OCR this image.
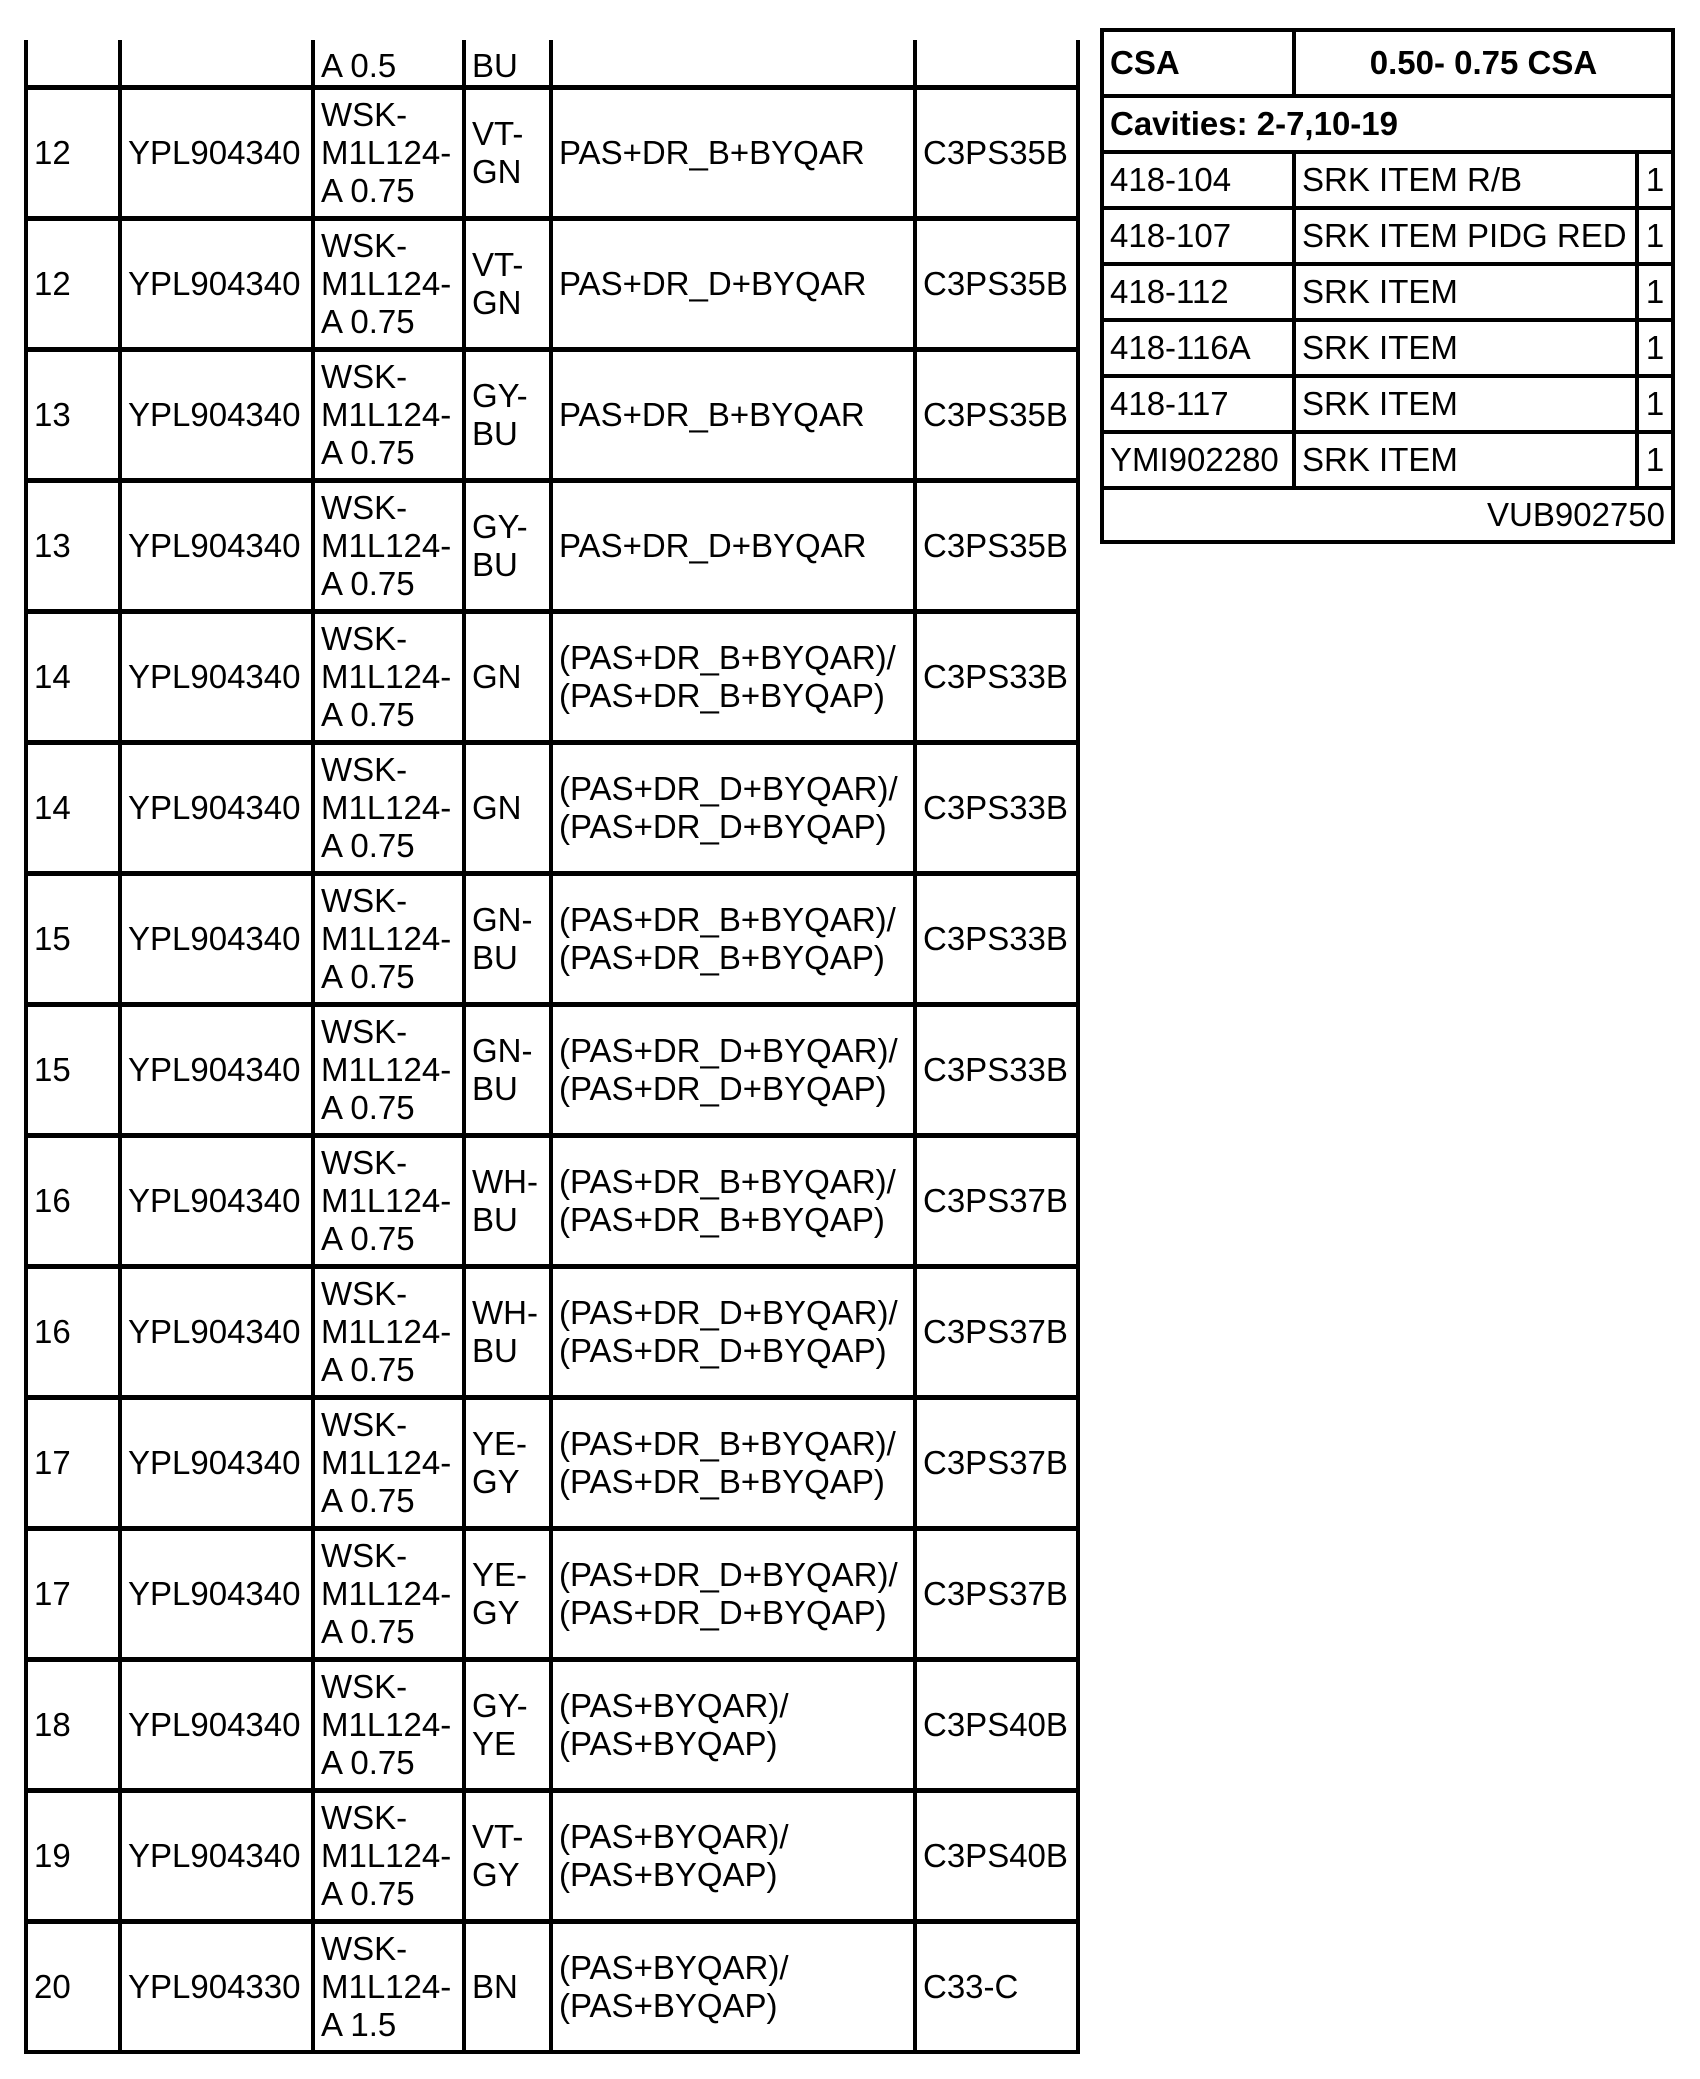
		A 0.5	BU		
12	YPL904340	WSK-
M1L124-
A 0.75	VT-
GN	PAS+DR_B+BYQAR	C3PS35B
12	YPL904340	WSK-
M1L124-
A 0.75	VT-
GN	PAS+DR_D+BYQAR	C3PS35B
13	YPL904340	WSK-
M1L124-
A 0.75	GY-
BU	PAS+DR_B+BYQAR	C3PS35B
13	YPL904340	WSK-
M1L124-
A 0.75	GY-
BU	PAS+DR_D+BYQAR	C3PS35B
14	YPL904340	WSK-
M1L124-
A 0.75	GN	(PAS+DR_B+BYQAR)/
(PAS+DR_B+BYQAP)	C3PS33B
14	YPL904340	WSK-
M1L124-
A 0.75	GN	(PAS+DR_D+BYQAR)/
(PAS+DR_D+BYQAP)	C3PS33B
15	YPL904340	WSK-
M1L124-
A 0.75	GN-
BU	(PAS+DR_B+BYQAR)/
(PAS+DR_B+BYQAP)	C3PS33B
15	YPL904340	WSK-
M1L124-
A 0.75	GN-
BU	(PAS+DR_D+BYQAR)/
(PAS+DR_D+BYQAP)	C3PS33B
16	YPL904340	WSK-
M1L124-
A 0.75	WH-
BU	(PAS+DR_B+BYQAR)/
(PAS+DR_B+BYQAP)	C3PS37B
16	YPL904340	WSK-
M1L124-
A 0.75	WH-
BU	(PAS+DR_D+BYQAR)/
(PAS+DR_D+BYQAP)	C3PS37B
17	YPL904340	WSK-
M1L124-
A 0.75	YE-
GY	(PAS+DR_B+BYQAR)/
(PAS+DR_B+BYQAP)	C3PS37B
17	YPL904340	WSK-
M1L124-
A 0.75	YE-
GY	(PAS+DR_D+BYQAR)/
(PAS+DR_D+BYQAP)	C3PS37B
18	YPL904340	WSK-
M1L124-
A 0.75	GY-
YE	(PAS+BYQAR)/
(PAS+BYQAP)	C3PS40B
19	YPL904340	WSK-
M1L124-
A 0.75	VT-
GY	(PAS+BYQAR)/
(PAS+BYQAP)	C3PS40B
20	YPL904330	WSK-
M1L124-
A 1.5	BN	(PAS+BYQAR)/
(PAS+BYQAP)	C33-C
CSA	0.50- 0.75 CSA	
Cavities: 2-7,10-19		
418-104	SRK ITEM R/B	1
418-107	SRK ITEM PIDG RED	1
418-112	SRK ITEM	1
418-116A	SRK ITEM	1
418-117	SRK ITEM	1
YMI902280	SRK ITEM	1
VUB902750		
